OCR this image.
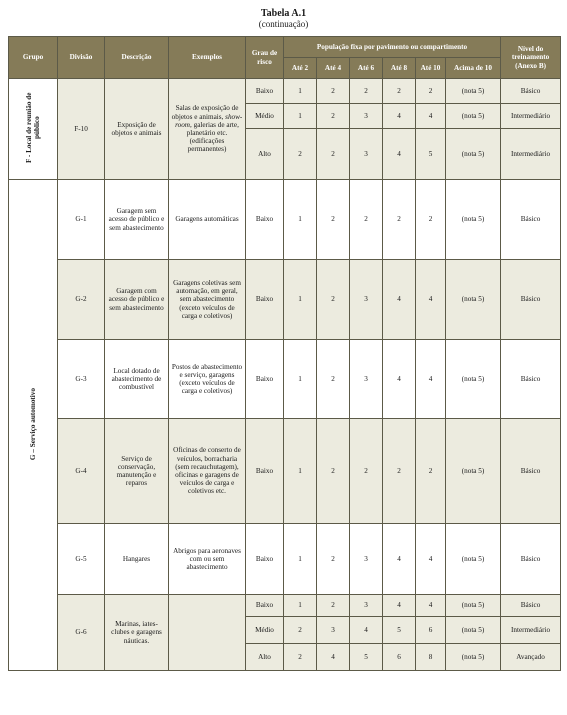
Tabela A.1
(continuação)
Grupo	Divisão	Descrição	Exemplos	Grau de risco	População fixa por pavimento ou compartimento						Nível do treinamento (Anexo B)
					Até 2	Até 4	Até 6	Até 8	Até 10	Acima de 10	
F - Local de reunião de público	F-10	Exposição de objetos e animais	Salas de exposição de objetos e animais, show-room, galerias de arte, planetário etc. (edificações permanentes)	Baixo	1	2	2	2	2	(nota 5)	Básico
				Médio	1	2	3	4	4	(nota 5)	Intermediário
				Alto	2	2	3	4	5	(nota 5)	Intermediário
G – Serviço automotivo	G-1	Garagem sem acesso de público e sem abastecimento	Garagens automáticas	Baixo	1	2	2	2	2	(nota 5)	Básico
	G-2	Garagem com acesso de público e sem abastecimento	Garagens coletivas sem automação, em geral, sem abastecimento (exceto veículos de carga e coletivos)	Baixo	1	2	3	4	4	(nota 5)	Básico
	G-3	Local dotado de abastecimento de combustível	Postos de abastecimento e serviço, garagens (exceto veículos de carga e coletivos)	Baixo	1	2	3	4	4	(nota 5)	Básico
	G-4	Serviço de conservação, manutenção e reparos	Oficinas de conserto de veículos, borracharia (sem recauchutagem), oficinas e garagens de veículos de carga e coletivos etc.	Baixo	1	2	2	2	2	(nota 5)	Básico
	G-5	Hangares	Abrigos para aeronaves com ou sem abastecimento	Baixo	1	2	3	4	4	(nota 5)	Básico
	G-6	Marinas, iates-clubes e garagens náuticas.		Baixo	1	2	3	4	4	(nota 5)	Básico
				Médio	2	3	4	5	6	(nota 5)	Intermediário
				Alto	2	4	5	6	8	(nota 5)	Avançado
